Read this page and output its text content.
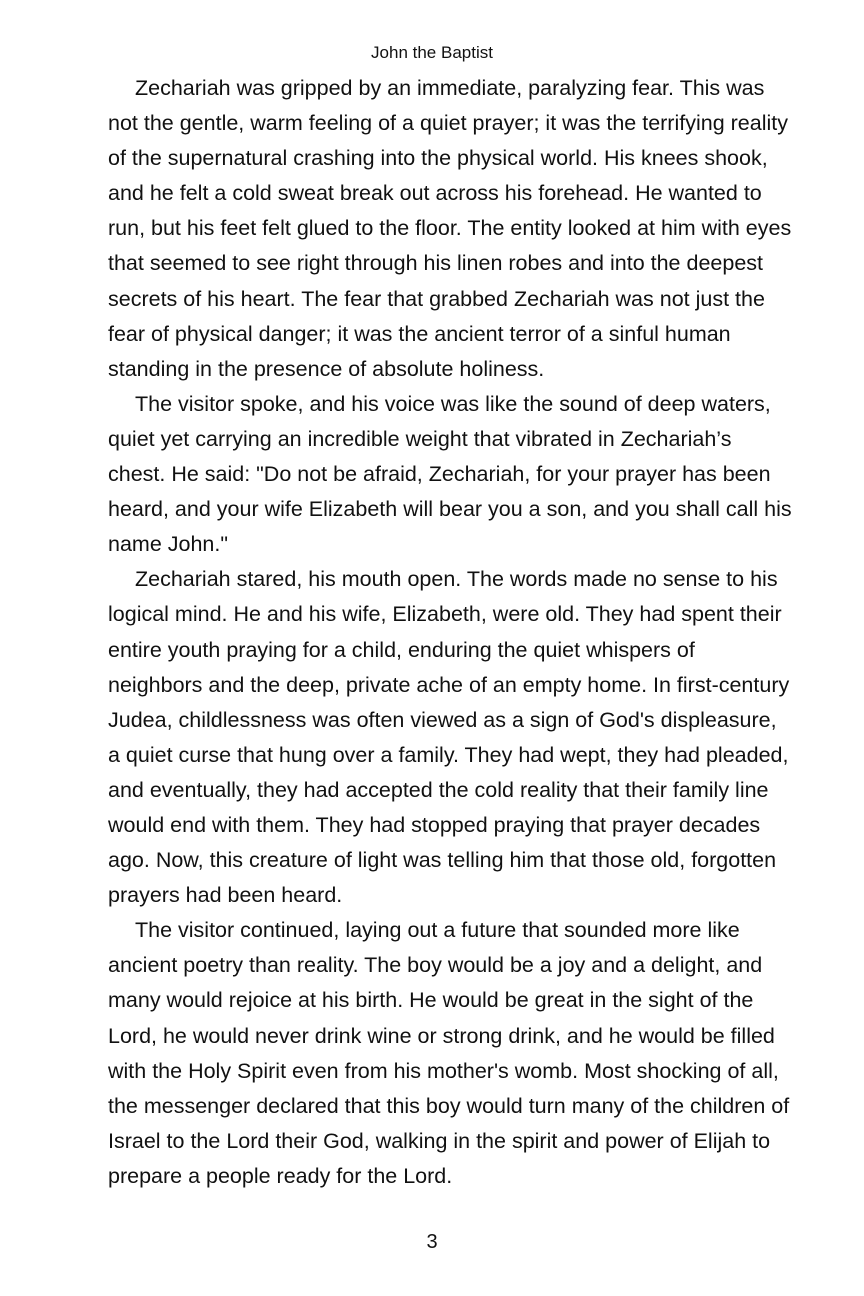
John the Baptist

Zechariah was gripped by an immediate, paralyzing fear. This was not the gentle, warm feeling of a quiet prayer; it was the terrifying reality of the supernatural crashing into the physical world. His knees shook, and he felt a cold sweat break out across his forehead. He wanted to run, but his feet felt glued to the floor. The entity looked at him with eyes that seemed to see right through his linen robes and into the deepest secrets of his heart. The fear that grabbed Zechariah was not just the fear of physical danger; it was the ancient terror of a sinful human standing in the presence of absolute holiness.

The visitor spoke, and his voice was like the sound of deep waters, quiet yet carrying an incredible weight that vibrated in Zechariah’s chest. He said: "Do not be afraid, Zechariah, for your prayer has been heard, and your wife Elizabeth will bear you a son, and you shall call his name John."

Zechariah stared, his mouth open. The words made no sense to his logical mind. He and his wife, Elizabeth, were old. They had spent their entire youth praying for a child, enduring the quiet whispers of neighbors and the deep, private ache of an empty home. In first-century Judea, childlessness was often viewed as a sign of God's displeasure, a quiet curse that hung over a family. They had wept, they had pleaded, and eventually, they had accepted the cold reality that their family line would end with them. They had stopped praying that prayer decades ago. Now, this creature of light was telling him that those old, forgotten prayers had been heard.

The visitor continued, laying out a future that sounded more like ancient poetry than reality. The boy would be a joy and a delight, and many would rejoice at his birth. He would be great in the sight of the Lord, he would never drink wine or strong drink, and he would be filled with the Holy Spirit even from his mother's womb. Most shocking of all, the messenger declared that this boy would turn many of the children of Israel to the Lord their God, walking in the spirit and power of Elijah to prepare a people ready for the Lord.

3
